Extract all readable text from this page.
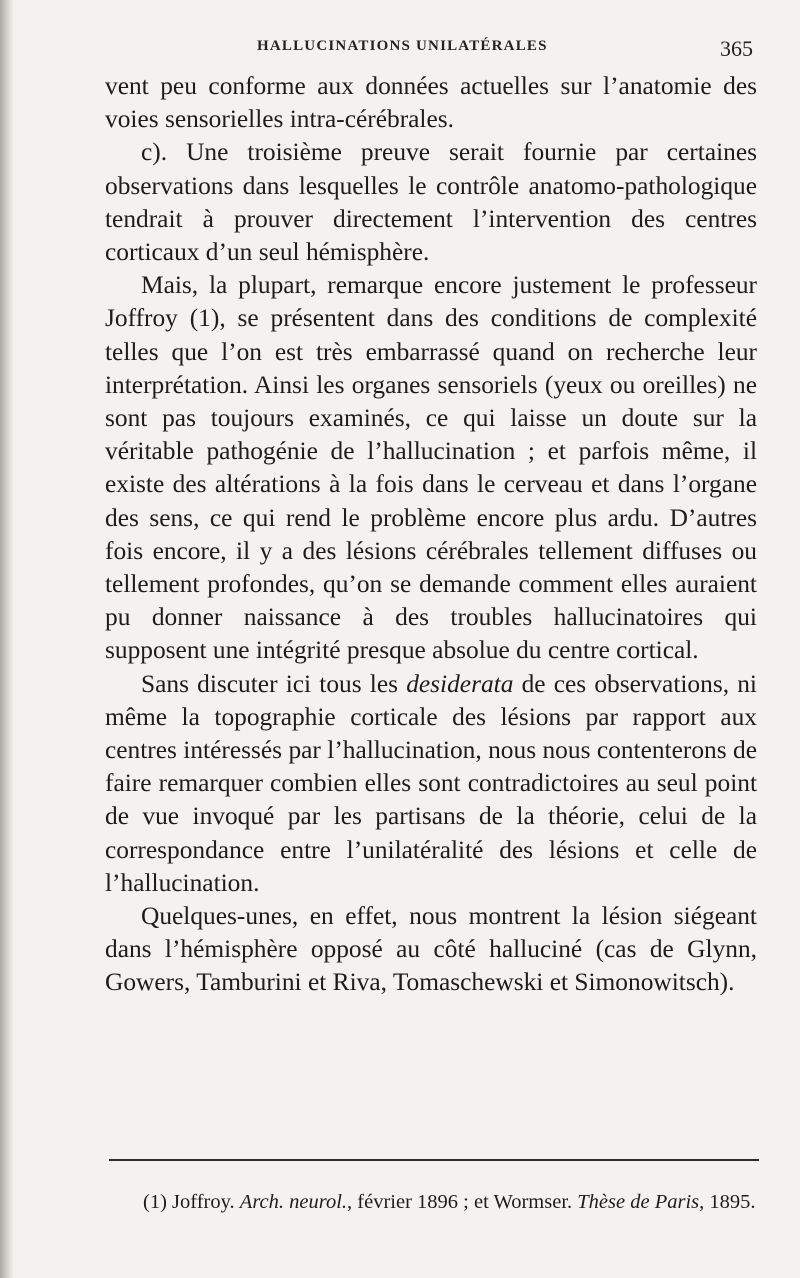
HALLUCINATIONS UNILATÉRALES	365

vent peu conforme aux données actuelles sur l’anatomie des voies sensorielles intra-cérébrales.

c). Une troisième preuve serait fournie par certaines observations dans lesquelles le contrôle anatomo-pathologique tendrait à prouver directement l’intervention des centres corticaux d’un seul hémisphère.

Mais, la plupart, remarque encore justement le professeur Joffroy (1), se présentent dans des conditions de complexité telles que l’on est très embarrassé quand on recherche leur interprétation. Ainsi les organes sensoriels (yeux ou oreilles) ne sont pas toujours examinés, ce qui laisse un doute sur la véritable pathogénie de l’hallucination ; et parfois même, il existe des altérations à la fois dans le cerveau et dans l’organe des sens, ce qui rend le problème encore plus ardu. D’autres fois encore, il y a des lésions cérébrales tellement diffuses ou tellement profondes, qu’on se demande comment elles auraient pu donner naissance à des troubles hallucinatoires qui supposent une intégrité presque absolue du centre cortical.

Sans discuter ici tous les desiderata de ces observations, ni même la topographie corticale des lésions par rapport aux centres intéressés par l’hallucination, nous nous contenterons de faire remarquer combien elles sont contradictoires au seul point de vue invoqué par les partisans de la théorie, celui de la correspondance entre l’unilatéralité des lésions et celle de l’hallucination.

Quelques-unes, en effet, nous montrent la lésion siégeant dans l’hémisphère opposé au côté halluciné (cas de Glynn, Gowers, Tamburini et Riva, Tomaschewski et Simonowitsch).

(1) Joffroy. Arch. neurol., février 1896 ; et Wormser. Thèse de Paris, 1895.
